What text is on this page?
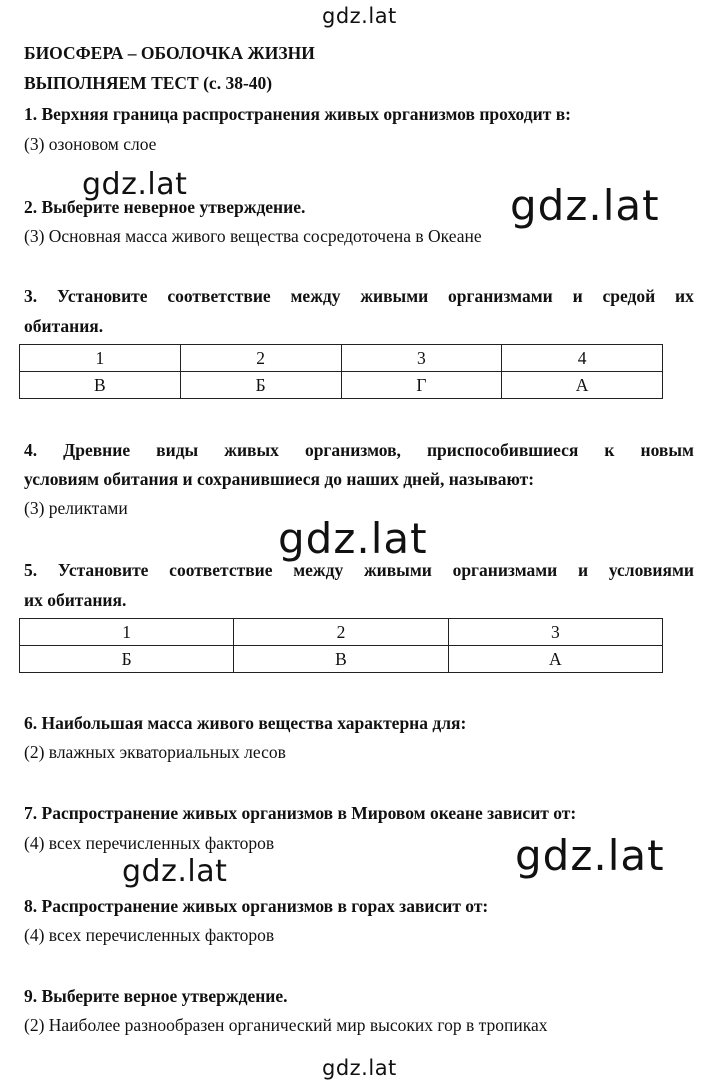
gdz.lat
gdz.lat	gdz.lat
gdz.lat
gdz.lat
gdz.lat
gdz.lat
БИОСФЕРА – ОБОЛОЧКА ЖИЗНИ
ВЫПОЛНЯЕМ ТЕСТ (с. 38-40)
1. Верхняя граница распространения живых организмов проходит в:
(3) озоновом слое
2. Выберите неверное утверждение.
(3) Основная масса живого вещества сосредоточена в Океане
3. Установите соответствие между живыми организмами и средой их
обитания.
1	2	3	4
В	Б	Г	А
4. Древние виды живых организмов, приспособившиеся к новым
условиям обитания и сохранившиеся до наших дней, называют:
(3) реликтами
5. Установите соответствие между живыми организмами и условиями
их обитания.
1	2	3
Б	В	А
6. Наибольшая масса живого вещества характерна для:
(2) влажных экваториальных лесов
7. Распространение живых организмов в Мировом океане зависит от:
(4) всех перечисленных факторов
8. Распространение живых организмов в горах зависит от:
(4) всех перечисленных факторов
9. Выберите верное утверждение.
(2) Наиболее разнообразен органический мир высоких гор в тропиках
